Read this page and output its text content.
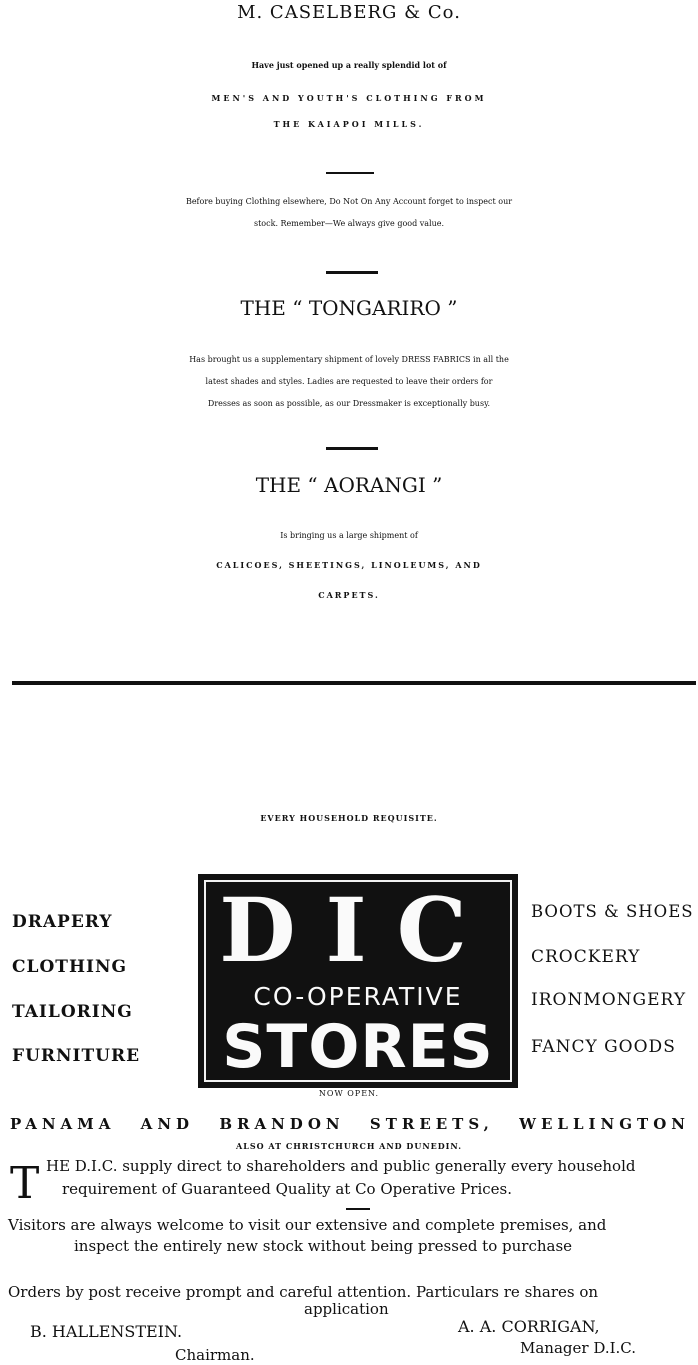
M. CASELBERG & Co.
Have just opened up a really splendid lot of
MEN'S AND YOUTH'S CLOTHING FROM
THE KAIAPOI MILLS.
Before buying Clothing elsewhere, Do Not On Any Account forget to inspect our
stock. Remember—We always give good value.
THE “ TONGARIRO ”
Has brought us a supplementary shipment of lovely DRESS FABRICS in all the
latest shades and styles. Ladies are requested to leave their orders for
Dresses as soon as possible, as our Dressmaker is exceptionally busy.
THE “ AORANGI ”
Is bringing us a large shipment of
CALICOES, SHEETINGS, LINOLEUMS, AND
CARPETS.
EVERY HOUSEHOLD REQUISITE.
DRAPERY
CLOTHING
TAILORING
FURNITURE
DIC
CO-OPERATIVE
STORES
BOOTS & SHOES
CROCKERY
IRONMONGERY
FANCY GOODS
NOW OPEN.
PANAMA AND BRANDON STREETS, WELLINGTON
ALSO AT CHRISTCHURCH AND DUNEDIN.
T HE D.I.C. supply direct to shareholders and public generally every household
requirement of Guaranteed Quality at Co Operative Prices.
Visitors are always welcome to visit our extensive and complete premises, and
inspect the entirely new stock without being pressed to purchase
Orders by post receive prompt and careful attention. Particulars re shares on
application
B. HALLENSTEIN.
Chairman.
A. A. CORRIGAN,
Manager D.I.C.
